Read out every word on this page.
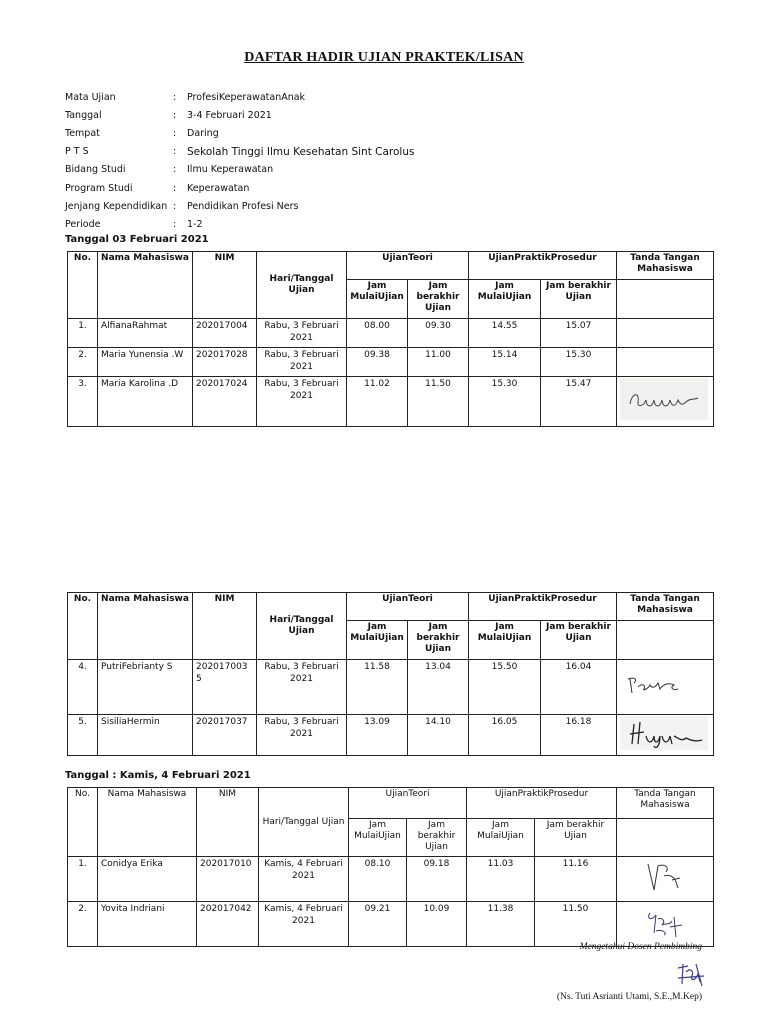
DAFTAR HADIR UJIAN PRAKTEK/LISAN
Mata Ujian	:	ProfesiKeperawatanAnak
Tanggal	:	3-4 Februari 2021
Tempat	:	Daring
P T S	:	Sekolah Tinggi Ilmu Kesehatan Sint Carolus
Bidang Studi	:	Ilmu Keperawatan
Program Studi	:	Keperawatan
Jenjang Kependidikan :	Pendidikan Profesi Ners
Periode	:	1-2
Tanggal 03 Februari 2021
No.	Nama Mahasiswa	NIM	Hari/Tanggal Ujian	UjianTeori		UjianPraktikProsedur		Tanda Tangan Mahasiswa
				Jam MulaiUjian	Jam berakhir Ujian	Jam MulaiUjian	Jam berakhir Ujian	
1.	AlfianaRahmat	202017004	Rabu, 3 Februari 2021	08.00	09.30	14.55	15.07	
2.	Maria Yunensia .W	202017028	Rabu, 3 Februari 2021	09.38	11.00	15.14	15.30	
3.	Maria Karolina .D	202017024	Rabu, 3 Februari 2021	11.02	11.50	15.30	15.47	
No.	Nama Mahasiswa	NIM	Hari/Tanggal Ujian	UjianTeori		UjianPraktikProsedur		Tanda Tangan Mahasiswa
				Jam MulaiUjian	Jam berakhir Ujian	Jam MulaiUjian	Jam berakhir Ujian	
4.	PutriFebrianty S	2020170035	Rabu, 3 Februari 2021	11.58	13.04	15.50	16.04	
5.	SisiliaHermin	202017037	Rabu, 3 Februari 2021	13.09	14.10	16.05	16.18	
Tanggal : Kamis, 4 Februari 2021
No.	Nama Mahasiswa	NIM	Hari/Tanggal Ujian	UjianTeori		UjianPraktikProsedur		Tanda Tangan Mahasiswa
				Jam MulaiUjian	Jam berakhir Ujian	Jam MulaiUjian	Jam berakhir Ujian	
1.	Conidya Erika	202017010	Kamis, 4 Februari 2021	08.10	09.18	11.03	11.16	
2.	Yovita Indriani	202017042	Kamis, 4 Februari 2021	09.21	10.09	11.38	11.50	
Mengetahui Dosen Pembimbing
(Ns. Tuti Asrianti Utami, S.E.,M.Kep)
